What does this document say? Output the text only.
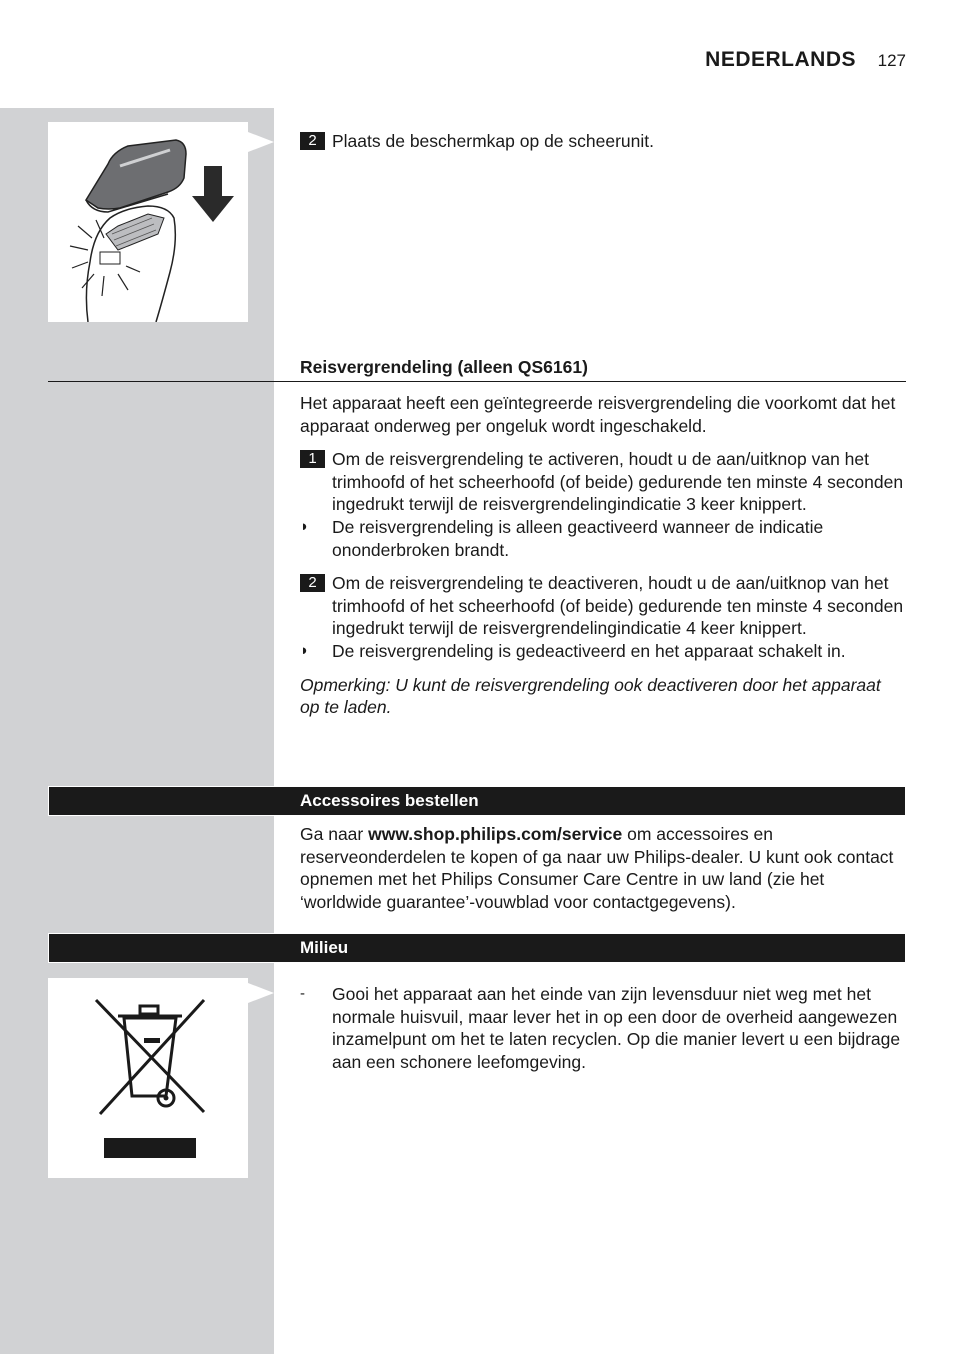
NEDERLANDS 127
2 Plaats de beschermkap op de scheerunit.
Reisvergrendeling (alleen QS6161)
Het apparaat heeft een geïntegreerde reisvergrendeling die voorkomt dat het apparaat onderweg per ongeluk wordt ingeschakeld.
1 Om de reisvergrendeling te activeren, houdt u de aan/uitknop van het trimhoofd of het scheerhoofd (of beide) gedurende ten minste 4 seconden ingedrukt terwijl de reisvergrendelingindicatie 3 keer knippert.
◗	De reisvergrendeling is alleen geactiveerd wanneer de indicatie ononderbroken brandt.
2 Om de reisvergrendeling te deactiveren, houdt u de aan/uitknop van het trimhoofd of het scheerhoofd (of beide) gedurende ten minste 4 seconden ingedrukt terwijl de reisvergrendelingindicatie 4 keer knippert.
◗	De reisvergrendeling is gedeactiveerd en het apparaat schakelt in.
Opmerking: U kunt de reisvergrendeling ook deactiveren door het apparaat op te laden.
Accessoires bestellen
Ga naar www.shop.philips.com/service om accessoires en reserveonderdelen te kopen of ga naar uw Philips-dealer. U kunt ook contact opnemen met het Philips Consumer Care Centre in uw land (zie het ‘worldwide guarantee’-vouwblad voor contactgegevens).
Milieu
-	Gooi het apparaat aan het einde van zijn levensduur niet weg met het normale huisvuil, maar lever het in op een door de overheid aangewezen inzamelpunt om het te laten recyclen. Op die manier levert u een bijdrage aan een schonere leefomgeving.
